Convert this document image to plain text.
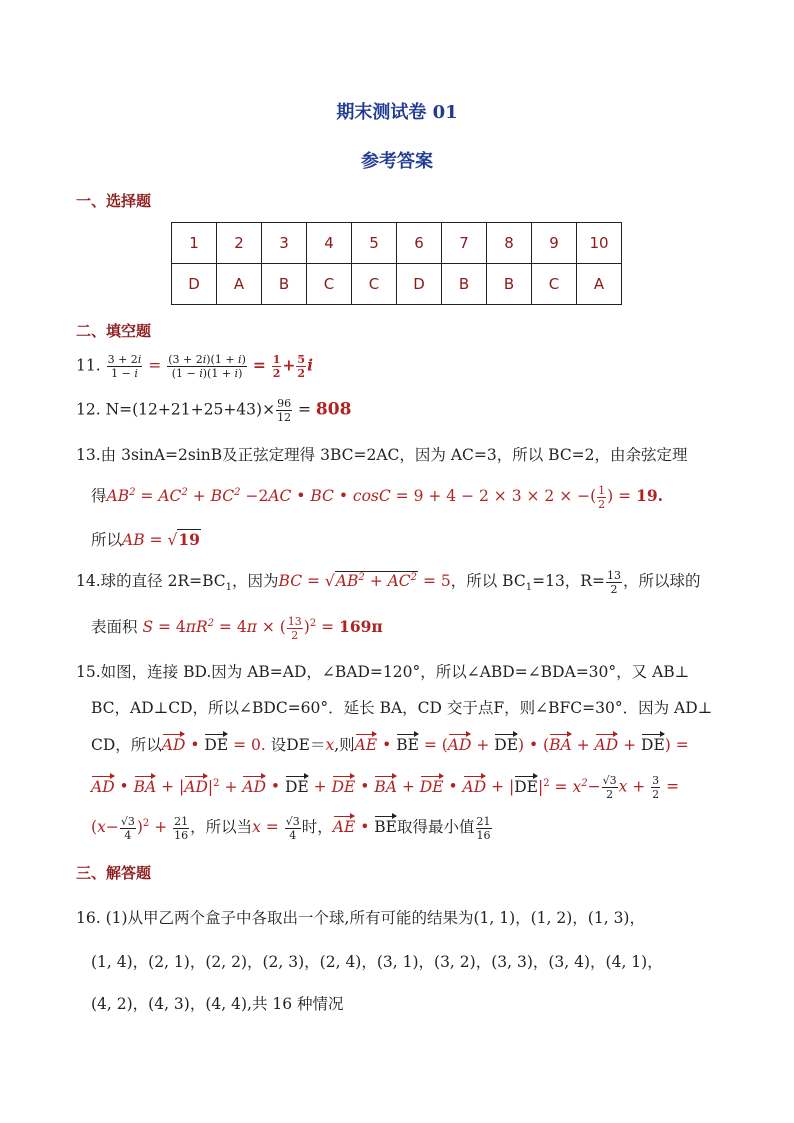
期末测试卷 01
参考答案
一、选择题
1	2	3	4	5	6	7	8	9	10
D	A	B	C	C	D	B	B	C	A
二、填空题
11. $\frac{3 + 2i}{1 - i} = \frac{(3 + 2i)(1 + i)}{(1 - i)(1 + i)} = \frac{1}{2} + \frac{5}{2}$ i
12. $N=(12+21+25+43)\times \frac{96}{12} = 808$
13.由 3sinA=2sinB及正弦定理得 3BC=2AC，因为 AC=3，所以 BC=2，由余弦定理
得$AB^2 = AC^2 + BC^2 -2AC$ • BC • cosC = 9 + 4 − 2 × 3 × 2 × −( $\frac{1}{2}$ ) = 19.
所以AB = √19
14.球的直径 $2R=BC_1$，因为BC = $√AB^2 + AC^2 = 5$，所以 $BC_1=13$，$R= \frac{13}{2}$ ，所以球的
表面积 $S = 4\pi R^2 = 4\pi$ × ( $\frac{13}{2} )^2 = 169\pi$
15.如图，连接 BD.因为 AB=AD，∠BAD=120°，所以∠ABD=∠BDA=30°，又 AB⊥
BC，AD⊥CD，所以∠BDC=60°．延长 BA，CD 交于点F，则∠BFC=30°．因为 AD⊥
CD，所以AD • DE = 0. 设DE＝x,则AE • BE = (AD + DE) • (BA + AD + DE) =
AD • BA + $|AD|^2$ + AD • DE + DE • BA + DE • AD + $|DE|^2 = x^2- \frac{√3}{2}$ $x + \frac{3}{2}$ =
$(x- \frac{√3}{4} )^2 + \frac{21}{16}$ ，所以当$x = \frac{√3}{4}$ 时，AE • BE取得最小值 $\frac{21}{16}$
三、解答题
16. (1)从甲乙两个盒子中各取出一个球,所有可能的结果为(1, 1)，(1, 2)，(1, 3)，
(1, 4)，(2, 1)，(2, 2)，(2, 3)，(2, 4)，(3, 1)，(3, 2)，(3, 3)，(3, 4)，(4, 1)，
(4, 2)，(4, 3)，(4, 4),共 16 种情况
